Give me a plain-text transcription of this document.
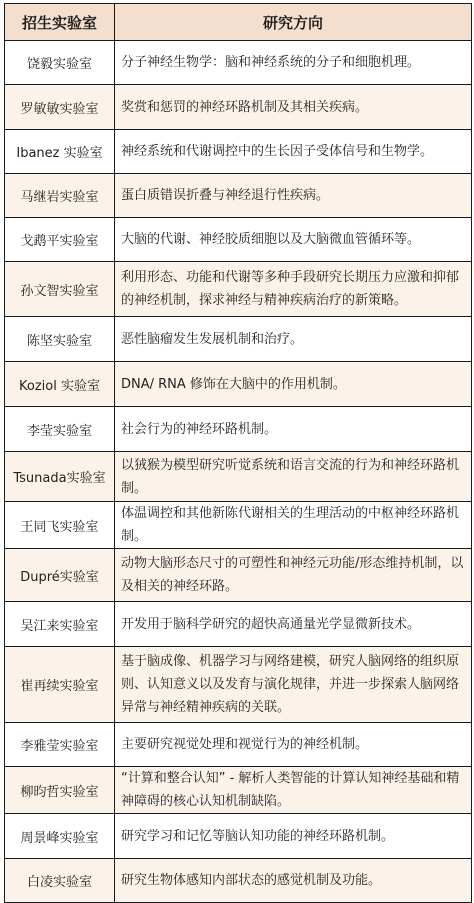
招生实验室	研究方向
饶毅实验室	分子神经生物学：脑和神经系统的分子和细胞机理。
罗敏敏实验室	奖赏和惩罚的神经环路机制及其相关疾病。
Ibanez 实验室	神经系统和代谢调控中的生长因子受体信号和生物学。
马继岩实验室	蛋白质错误折叠与神经退行性疾病。
戈鹉平实验室	大脑的代谢、神经胶质细胞以及大脑微血管循环等。
孙文智实验室	利用形态、功能和代谢等多种手段研究长期压力应激和抑郁的神经机制，探求神经与精神疾病治疗的新策略。
陈坚实验室	恶性脑瘤发生发展机制和治疗。
Koziol 实验室	DNA/ RNA 修饰在大脑中的作用机制。
李莹实验室	社会行为的神经环路机制。
Tsunada实验室	以狨猴为模型研究听觉系统和语言交流的行为和神经环路机制。
王同飞实验室	体温调控和其他新陈代谢相关的生理活动的中枢神经环路机制。
Dupré实验室	动物大脑形态尺寸的可塑性和神经元功能/形态维持机制，以及相关的神经环路。
吴江来实验室	开发用于脑科学研究的超快高通量光学显微新技术。
崔再续实验室	基于脑成像、机器学习与网络建模，研究人脑网络的组织原则、认知意义以及发育与演化规律，并进一步探索人脑网络异常与神经精神疾病的关联。
李雅莹实验室	主要研究视觉处理和视觉行为的神经机制。
柳昀哲实验室	“计算和整合认知” - 解析人类智能的计算认知神经基础和精神障碍的核心认知机制缺陷。
周景峰实验室	研究学习和记忆等脑认知功能的神经环路机制。
白凌实验室	研究生物体感知内部状态的感觉机制及功能。
